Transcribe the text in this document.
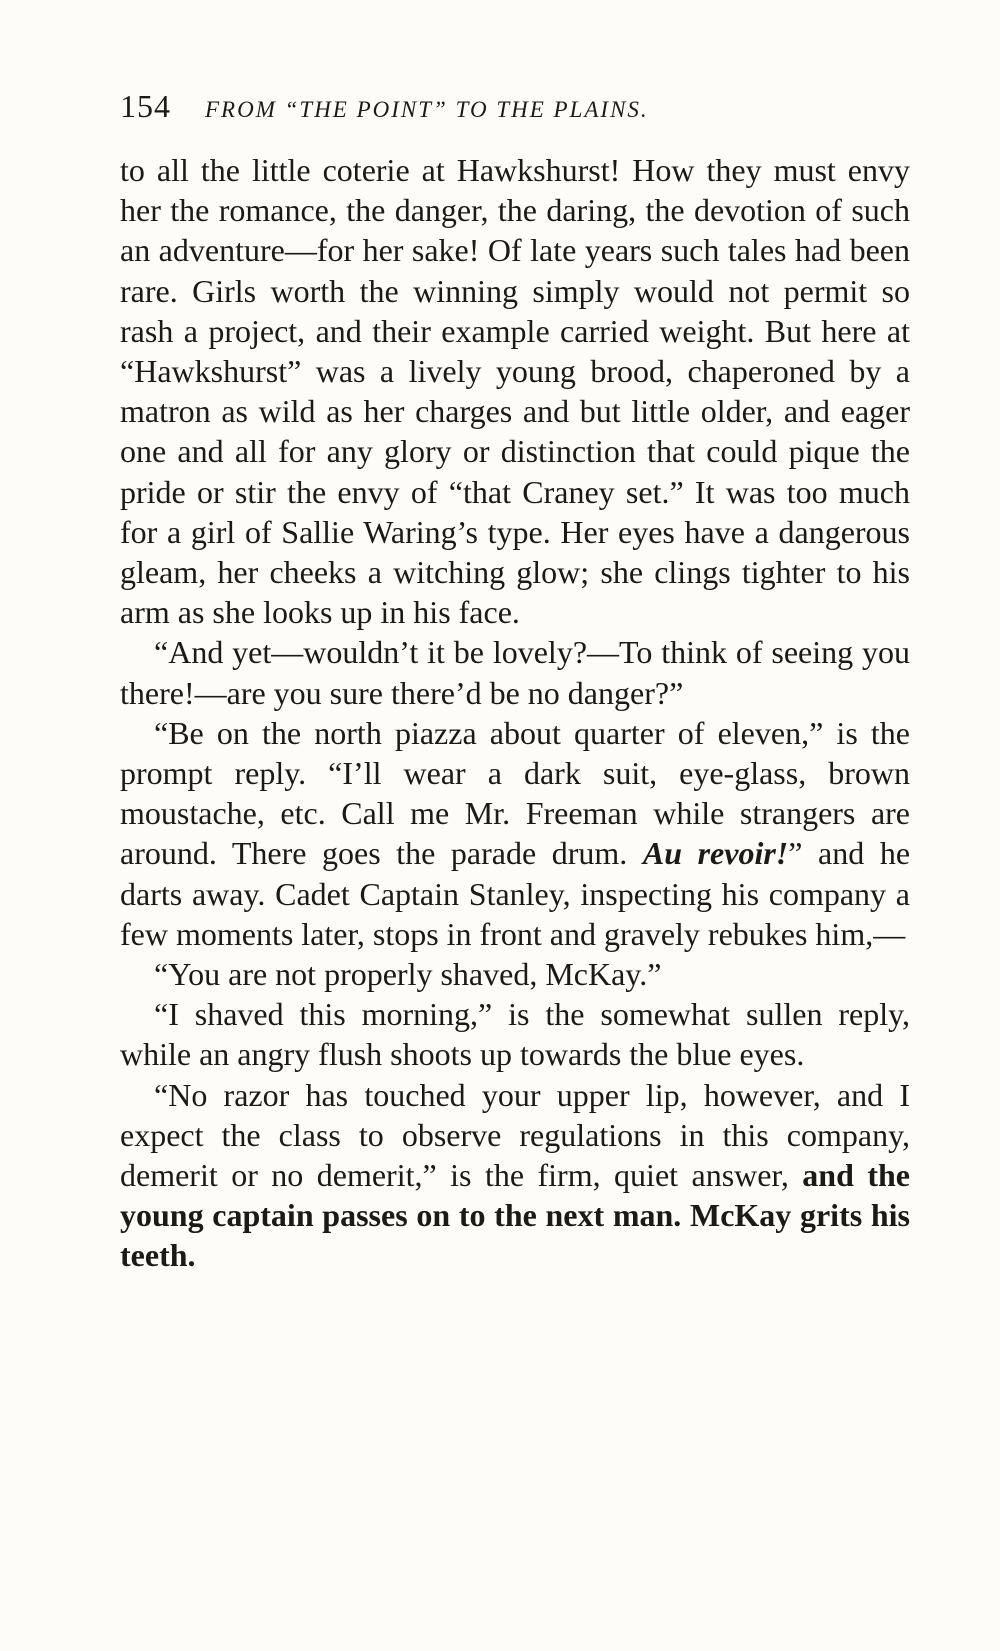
154 FROM “THE POINT” TO THE PLAINS.

to all the little coterie at Hawkshurst! How they must envy her the romance, the danger, the daring, the devotion of such an adventure—for her sake! Of late years such tales had been rare. Girls worth the winning simply would not permit so rash a project, and their example carried weight. But here at “Hawkshurst” was a lively young brood, chaperoned by a matron as wild as her charges and but little older, and eager one and all for any glory or distinction that could pique the pride or stir the envy of “that Craney set.” It was too much for a girl of Sallie Waring’s type. Her eyes have a dangerous gleam, her cheeks a witching glow; she clings tighter to his arm as she looks up in his face.

“And yet—wouldn’t it be lovely?—To think of seeing you there!—are you sure there’d be no danger?”

“Be on the north piazza about quarter of eleven,” is the prompt reply. “I’ll wear a dark suit, eye-glass, brown moustache, etc. Call me Mr. Freeman while strangers are around. There goes the parade drum. Au revoir!” and he darts away. Cadet Captain Stanley, inspecting his company a few moments later, stops in front and gravely rebukes him,—

“You are not properly shaved, McKay.”

“I shaved this morning,” is the somewhat sullen reply, while an angry flush shoots up towards the blue eyes.

“No razor has touched your upper lip, however, and I expect the class to observe regulations in this company, demerit or no demerit,” is the firm, quiet answer, and the young captain passes on to the next man. McKay grits his teeth.
